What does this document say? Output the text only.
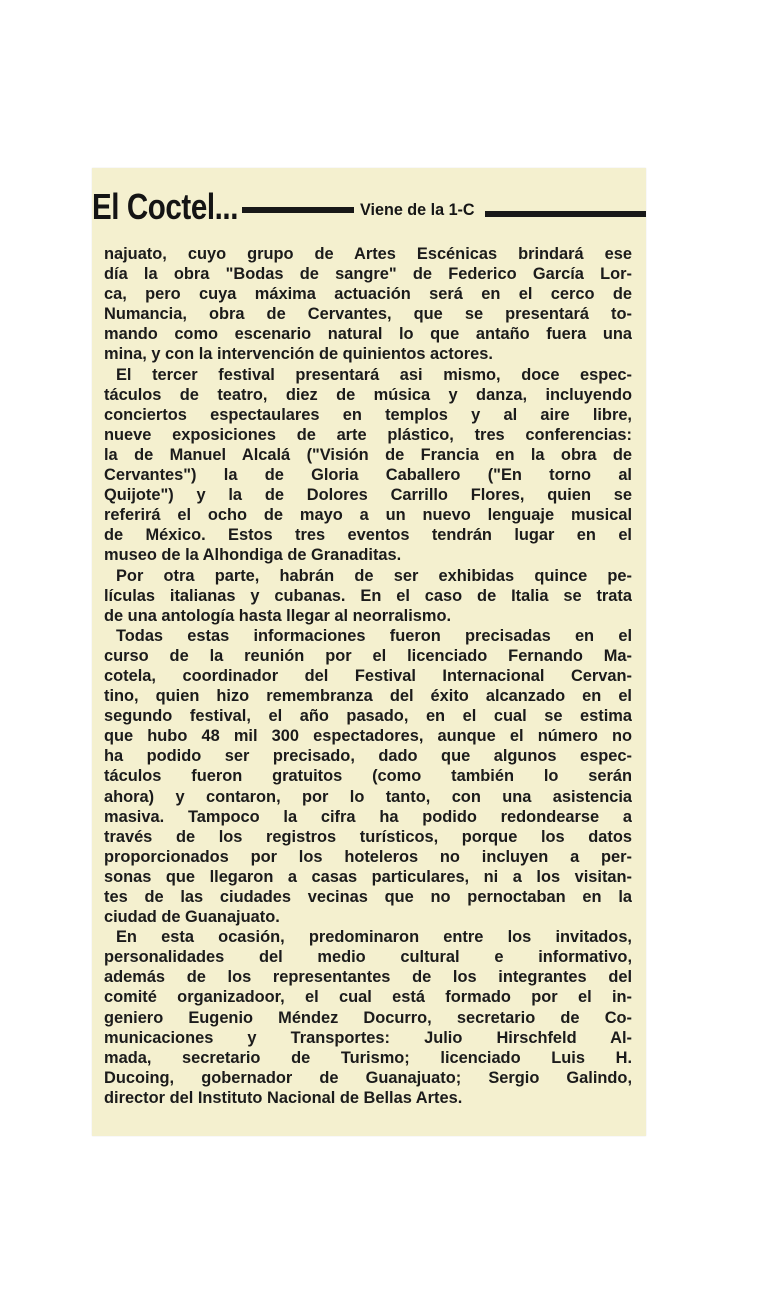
El Coctel...	Viene de la 1-C
najuato, cuyo grupo de Artes Escénicas brindará ese
día la obra "Bodas de sangre" de Federico García Lor-
ca, pero cuya máxima actuación será en el cerco de
Numancia, obra de Cervantes, que se presentará to-
mando como escenario natural lo que antaño fuera una
mina, y con la intervención de quinientos actores.
El tercer festival presentará asi mismo, doce espec-
táculos de teatro, diez de música y danza, incluyendo
conciertos espectaulares en templos y al aire libre,
nueve exposiciones de arte plástico, tres conferencias:
la de Manuel Alcalá ("Visión de Francia en la obra de
Cervantes") la de Gloria Caballero ("En torno al
Quijote") y la de Dolores Carrillo Flores, quien se
referirá el ocho de mayo a un nuevo lenguaje musical
de México. Estos tres eventos tendrán lugar en el
museo de la Alhondiga de Granaditas.
Por otra parte, habrán de ser exhibidas quince pe-
lículas italianas y cubanas. En el caso de Italia se trata
de una antología hasta llegar al neorralismo.
Todas estas informaciones fueron precisadas en el
curso de la reunión por el licenciado Fernando Ma-
cotela, coordinador del Festival Internacional Cervan-
tino, quien hizo remembranza del éxito alcanzado en el
segundo festival, el año pasado, en el cual se estima
que hubo 48 mil 300 espectadores, aunque el número no
ha podido ser precisado, dado que algunos espec-
táculos fueron gratuitos (como también lo serán
ahora) y contaron, por lo tanto, con una asistencia
masiva. Tampoco la cifra ha podido redondearse a
través de los registros turísticos, porque los datos
proporcionados por los hoteleros no incluyen a per-
sonas que llegaron a casas particulares, ni a los visitan-
tes de las ciudades vecinas que no pernoctaban en la
ciudad de Guanajuato.
En esta ocasión, predominaron entre los invitados,
personalidades del medio cultural e informativo,
además de los representantes de los integrantes del
comité organizadoor, el cual está formado por el in-
geniero Eugenio Méndez Docurro, secretario de Co-
municaciones y Transportes: Julio Hirschfeld Al-
mada, secretario de Turismo; licenciado Luis H.
Ducoing, gobernador de Guanajuato; Sergio Galindo,
director del Instituto Nacional de Bellas Artes.
